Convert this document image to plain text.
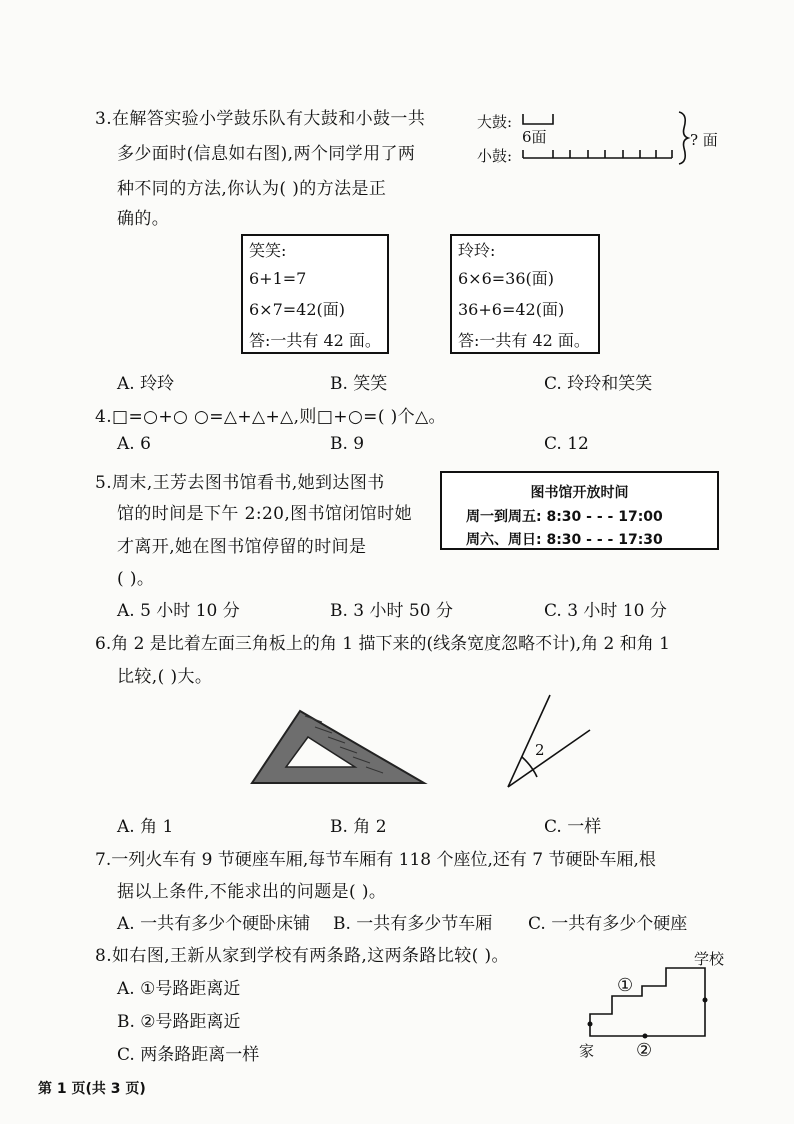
3.在解答实验小学鼓乐队有大鼓和小鼓一共
多少面时(信息如右图),两个同学用了两
种不同的方法,你认为( )的方法是正
确的。
大鼓:
小鼓:
6面	? 面
笑笑:
6+1=7
6×7=42(面)
答:一共有 42 面。
玲玲:
6×6=36(面)
36+6=42(面)
答:一共有 42 面。
A. 玲玲	B. 笑笑	C. 玲玲和笑笑
4.□=○+○ ○=△+△+△,则□+○=( )个△。
A. 6	B. 9	C. 12
5.周末,王芳去图书馆看书,她到达图书
馆的时间是下午 2:20,图书馆闭馆时她
才离开,她在图书馆停留的时间是
( )。
图书馆开放时间
周一到周五: 8:30 - - - 17:00
周六、周日: 8:30 - - - 17:30
A. 5 小时 10 分	B. 3 小时 50 分	C. 3 小时 10 分
6.角 2 是比着左面三角板上的角 1 描下来的(线条宽度忽略不计),角 2 和角 1
比较,( )大。
2
A. 角 1	B. 角 2	C. 一样
7.一列火车有 9 节硬座车厢,每节车厢有 118 个座位,还有 7 节硬卧车厢,根
据以上条件,不能求出的问题是( )。
A. 一共有多少个硬卧床铺 B. 一共有多少节车厢 C. 一共有多少个硬座
8.如右图,王新从家到学校有两条路,这两条路比较( )。
A. ①号路距离近
B. ②号路距离近
C. 两条路距离一样
学校
家
①
②
第 1 页(共 3 页)
